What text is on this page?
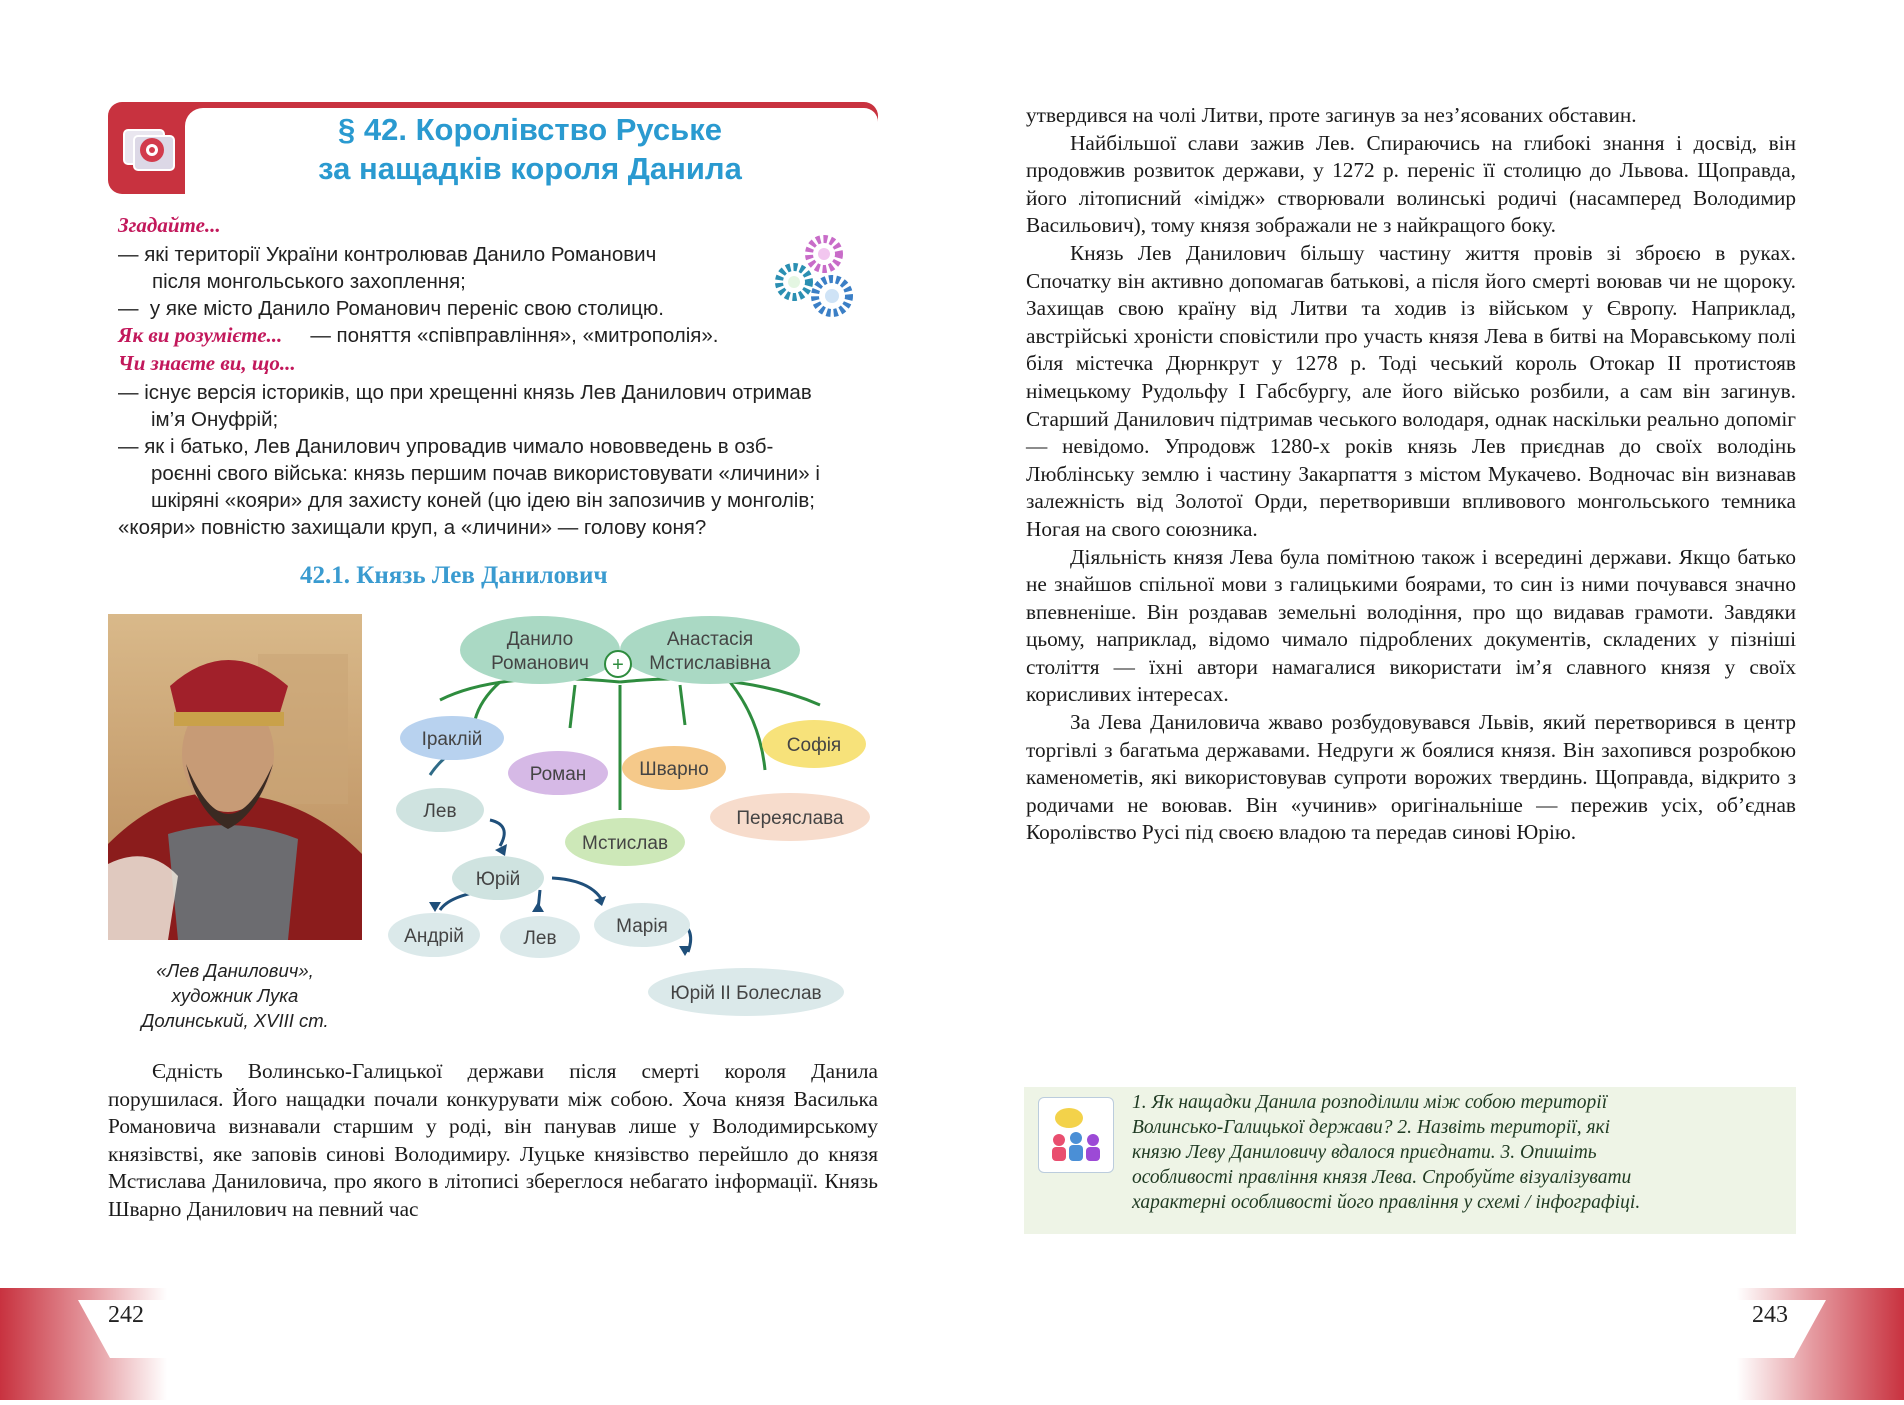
§ 42. Королівство Руське
за нащадків короля Данила
Згадайте...
— які території України контролював Данило Романович
після монгольського захоплення;
— у яке місто Данило Романович переніс свою столицю.
Як ви розумієте... — поняття «співправління», «митрополія».
Чи знаєте ви, що...
— існує версія істориків, що при хрещенні князь Лев Данилович отримав
ім’я Онуфрій;
— як і батько, Лев Данилович упровадив чимало нововведень в озб-
роєнні свого війська: князь першим почав використовувати «личини» і
шкіряні «кояри» для захисту коней (цю ідею він запозичив у монголів;
«кояри» повністю захищали круп, а «личини» — голову коня?
42.1. Князь Лев Данилович
«Лев Данилович»,
художник Лука
Долинський, XVIII ст.
+
Данило
Романович
Анастасія
Мстиславівна
Іраклій
Роман	Шварно
Софія
Лев
Мстислав
Переяслава
Юрій
Андрій	Лев
Марія
Юрій II Болеслав

Єдність Волинсько-Галицької держави після смерті короля Данила порушилася. Його нащадки почали конкурувати між собою. Хоча князя Василька Романовича визнавали старшим у роді, він панував лише у Володимирському князівстві, яке заповів синові Володимиру. Луцьке князівство перейшло до князя Мстислава Даниловича, про якого в літописі збереглося небагато інформації. Князь Шварно Данилович на певний час

утвердився на чолі Литви, проте загинув за нез’ясованих обставин.

Найбільшої слави зажив Лев. Спираючись на глибокі знання і досвід, він продовжив розвиток держави, у 1272 р. переніс її столицю до Львова. Щоправда, його літописний «імідж» створювали волинські родичі (насамперед Володимир Васильович), тому князя зображали не з найкращого боку.

Князь Лев Данилович більшу частину життя провів зі зброєю в руках. Спочатку він активно допомагав батькові, а після його смерті воював чи не щороку. Захищав свою країну від Литви та ходив із військом у Європу. Наприклад, австрійські хроністи сповістили про участь князя Лева в битві на Моравському полі біля містечка Дюрнкрут у 1278 р. Тоді чеський король Отокар II протистояв німецькому Рудольфу I Габсбургу, але його військо розбили, а сам він загинув. Старший Данилович підтримав чеського володаря, однак наскільки реально допоміг — невідомо. Упродовж 1280-х років князь Лев приєднав до своїх володінь Люблінську землю і частину Закарпаття з містом Мукачево. Водночас він визнавав залежність від Золотої Орди, перетворивши впливового монгольського темника Ногая на свого союзника.

Діяльність князя Лева була помітною також і всередині держави. Якщо батько не знайшов спільної мови з галицькими боярами, то син із ними почувався значно впевненіше. Він роздавав земельні володіння, про що видавав грамоти. Завдяки цьому, наприклад, відомо чимало підроблених документів, складених у пізніші століття — їхні автори намагалися використати ім’я славного князя у своїх корисливих інтересах.

За Лева Даниловича жваво розбудовувався Львів, який перетворився в центр торгівлі з багатьма державами. Недруги ж боялися князя. Він захопився розробкою каменометів, які використовував супроти ворожих твердинь. Щоправда, відкрито з родичами не воював. Він «учинив» оригінальніше — пережив усіх, об’єднав Королівство Русі під своєю владою та передав синові Юрію.

1. Як нащадки Данила розподілили між собою території
Волинсько-Галицької держави? 2. Назвіть території, які
князю Леву Даниловичу вдалося приєднати. 3. Опишіть
особливості правління князя Лева. Спробуйте візуалізувати
характерні особливості його правління у схемі / інфографіці.
242	243
